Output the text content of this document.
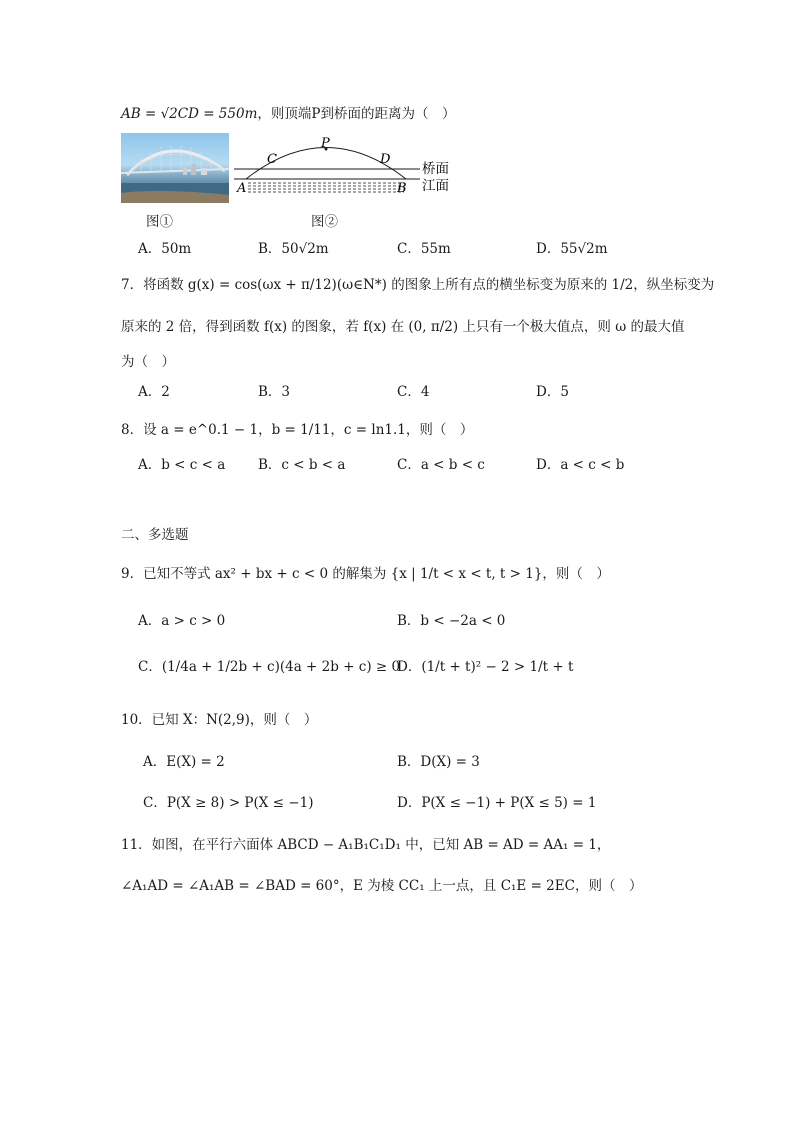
AB = √2CD = 550m，则顶端P到桥面的距离为（　）
图①
C
P
D
A	B
桥面
江面
图②
A．50m	B．50√2m	C．55m	D．55√2m
7．将函数 g(x) = cos(ωx + π/12)(ω∈N*) 的图象上所有点的横坐标变为原来的 1/2，纵坐标变为
原来的 2 倍，得到函数 f(x) 的图象，若 f(x) 在 (0, π/2) 上只有一个极大值点，则 ω 的最大值
为（　）
A．2	B．3	C．4	D．5
8．设 a = e^0.1 − 1，b = 1/11，c = ln1.1，则（　）
A．b < c < a B．c < b < a	C．a < b < c	D．a < c < b
二、多选题
9．已知不等式 ax² + bx + c < 0 的解集为 {x | 1/t < x < t, t > 1}，则（　）
A．a > c > 0	B．b < −2a < 0
C．(1/4a + 1/2b + c)(4a + 2b + c) ≥ 0
D．(1/t + t)² − 2 > 1/t + t
10．已知 X：N(2,9)，则（　）
A．E(X) = 2	B．D(X) = 3
C．P(X ≥ 8) > P(X ≤ −1)	D．P(X ≤ −1) + P(X ≤ 5) = 1
11．如图，在平行六面体 ABCD − A₁B₁C₁D₁ 中，已知 AB = AD = AA₁ = 1，
∠A₁AD = ∠A₁AB = ∠BAD = 60°，E 为棱 CC₁ 上一点，且 C₁E = 2EC，则（　）
